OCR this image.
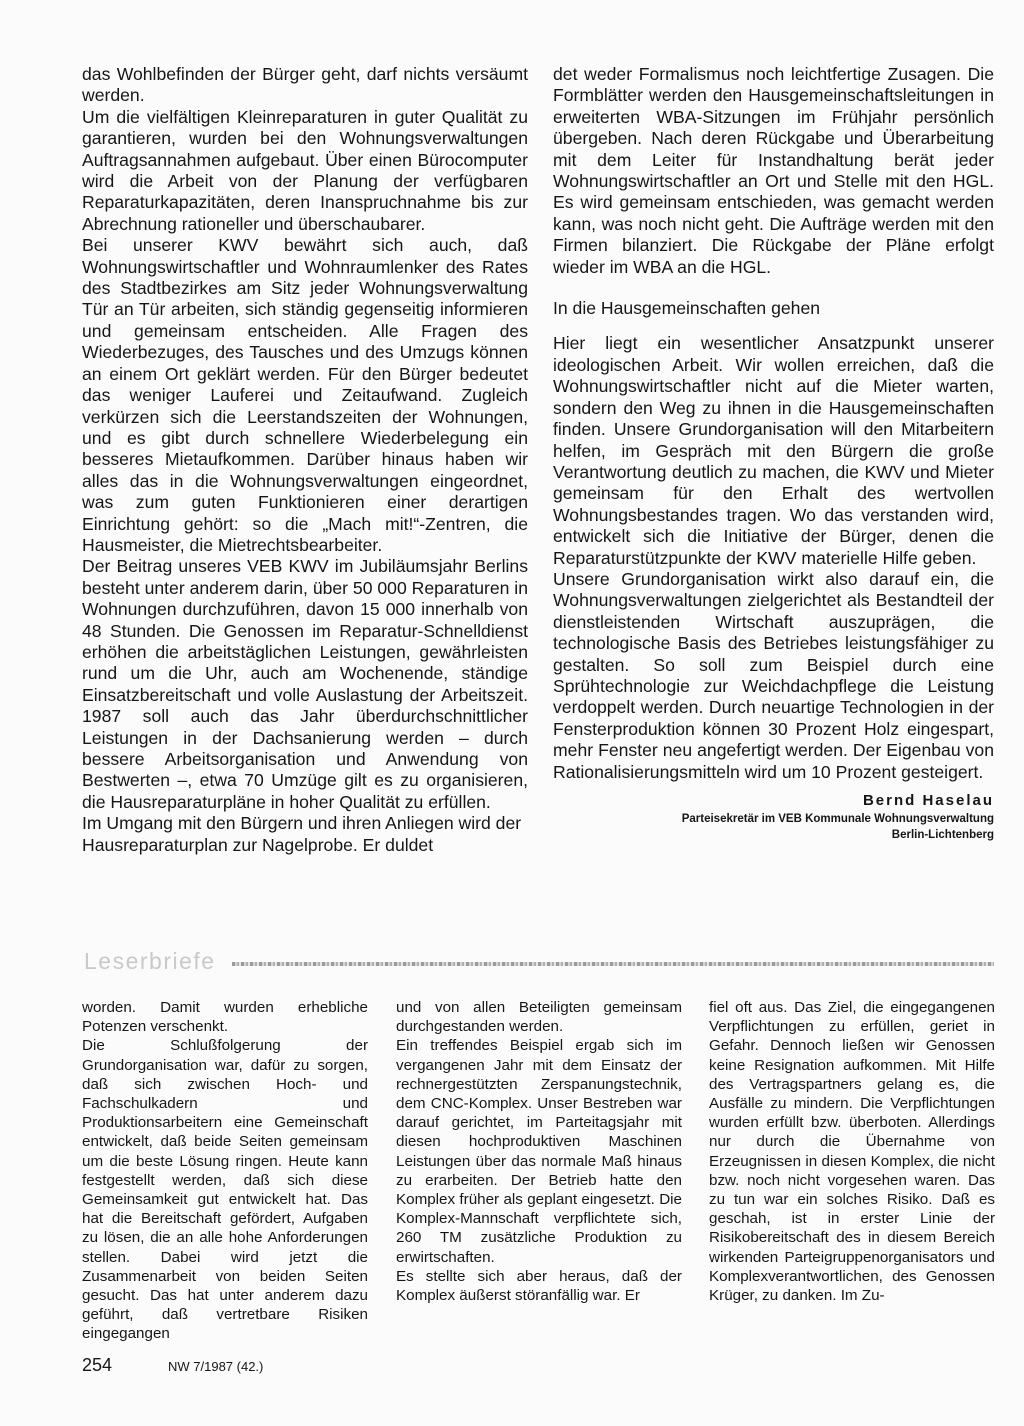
das Wohlbefinden der Bürger geht, darf nichts versäumt werden.

Um die vielfältigen Kleinreparaturen in guter Qualität zu garantieren, wurden bei den Wohnungsverwaltungen Auftragsannahmen aufgebaut. Über einen Bürocomputer wird die Arbeit von der Planung der verfügbaren Reparaturkapazitäten, deren Inanspruchnahme bis zur Abrechnung rationeller und überschaubarer.

Bei unserer KWV bewährt sich auch, daß Wohnungswirtschaftler und Wohnraumlenker des Rates des Stadtbezirkes am Sitz jeder Wohnungsverwaltung Tür an Tür arbeiten, sich ständig gegenseitig informieren und gemeinsam entscheiden. Alle Fragen des Wiederbezuges, des Tausches und des Umzugs können an einem Ort geklärt werden. Für den Bürger bedeutet das weniger Lauferei und Zeitaufwand. Zugleich verkürzen sich die Leerstandszeiten der Wohnungen, und es gibt durch schnellere Wiederbelegung ein besseres Mietaufkommen. Darüber hinaus haben wir alles das in die Wohnungsverwaltungen eingeordnet, was zum guten Funktionieren einer derartigen Einrichtung gehört: so die „Mach mit!“-Zentren, die Hausmeister, die Mietrechtsbearbeiter.

Der Beitrag unseres VEB KWV im Jubiläumsjahr Berlins besteht unter anderem darin, über 50 000 Reparaturen in Wohnungen durchzuführen, davon 15 000 innerhalb von 48 Stunden. Die Genossen im Reparatur-Schnelldienst erhöhen die arbeitstäglichen Leistungen, gewährleisten rund um die Uhr, auch am Wochenende, ständige Einsatzbereitschaft und volle Auslastung der Arbeitszeit. 1987 soll auch das Jahr überdurchschnittlicher Leistungen in der Dachsanierung werden – durch bessere Arbeitsorganisation und Anwendung von Bestwerten –, etwa 70 Umzüge gilt es zu organisieren, die Hausreparaturpläne in hoher Qualität zu erfüllen.

Im Umgang mit den Bürgern und ihren Anliegen wird der Hausreparaturplan zur Nagelprobe. Er duldet

det weder Formalismus noch leichtfertige Zusagen. Die Formblätter werden den Hausgemeinschaftsleitungen in erweiterten WBA-Sitzungen im Frühjahr persönlich übergeben. Nach deren Rückgabe und Überarbeitung mit dem Leiter für Instandhaltung berät jeder Wohnungswirtschaftler an Ort und Stelle mit den HGL. Es wird gemeinsam entschieden, was gemacht werden kann, was noch nicht geht. Die Aufträge werden mit den Firmen bilanziert. Die Rückgabe der Pläne erfolgt wieder im WBA an die HGL.

In die Hausgemeinschaften gehen

Hier liegt ein wesentlicher Ansatzpunkt unserer ideologischen Arbeit. Wir wollen erreichen, daß die Wohnungswirtschaftler nicht auf die Mieter warten, sondern den Weg zu ihnen in die Hausgemeinschaften finden. Unsere Grundorganisation will den Mitarbeitern helfen, im Gespräch mit den Bürgern die große Verantwortung deutlich zu machen, die KWV und Mieter gemeinsam für den Erhalt des wertvollen Wohnungsbestandes tragen. Wo das verstanden wird, entwickelt sich die Initiative der Bürger, denen die Reparaturstützpunkte der KWV materielle Hilfe geben.

Unsere Grundorganisation wirkt also darauf ein, die Wohnungsverwaltungen zielgerichtet als Bestandteil der dienstleistenden Wirtschaft auszuprägen, die technologische Basis des Betriebes leistungsfähiger zu gestalten. So soll zum Beispiel durch eine Sprühtechnologie zur Weichdachpflege die Leistung verdoppelt werden. Durch neuartige Technologien in der Fensterproduktion können 30 Prozent Holz eingespart, mehr Fenster neu angefertigt werden. Der Eigenbau von Rationalisierungsmitteln wird um 10 Prozent gesteigert.

Bernd Haselau

Parteisekretär im VEB Kommunale Wohnungsverwaltung

Berlin-Lichtenberg

Leserbriefe

worden. Damit wurden erhebliche Potenzen verschenkt.

Die Schlußfolgerung der Grundorganisation war, dafür zu sorgen, daß sich zwischen Hoch- und Fachschulkadern und Produktionsarbeitern eine Gemeinschaft entwickelt, daß beide Seiten gemeinsam um die beste Lösung ringen. Heute kann festgestellt werden, daß sich diese Gemeinsamkeit gut entwickelt hat. Das hat die Bereitschaft gefördert, Aufgaben zu lösen, die an alle hohe Anforderungen stellen. Dabei wird jetzt die Zusammenarbeit von beiden Seiten gesucht. Das hat unter anderem dazu geführt, daß vertretbare Risiken eingegangen

und von allen Beteiligten gemeinsam durchgestanden werden.

Ein treffendes Beispiel ergab sich im vergangenen Jahr mit dem Einsatz der rechnergestützten Zerspanungstechnik, dem CNC-Komplex. Unser Bestreben war darauf gerichtet, im Parteitagsjahr mit diesen hochproduktiven Maschinen Leistungen über das normale Maß hinaus zu erarbeiten. Der Betrieb hatte den Komplex früher als geplant eingesetzt. Die Komplex-Mannschaft verpflichtete sich, 260 TM zusätzliche Produktion zu erwirtschaften.

Es stellte sich aber heraus, daß der Komplex äußerst störanfällig war. Er

fiel oft aus. Das Ziel, die eingegangenen Verpflichtungen zu erfüllen, geriet in Gefahr. Dennoch ließen wir Genossen keine Resignation aufkommen. Mit Hilfe des Vertragspartners gelang es, die Ausfälle zu mindern. Die Verpflichtungen wurden erfüllt bzw. überboten. Allerdings nur durch die Übernahme von Erzeugnissen in diesen Komplex, die nicht bzw. noch nicht vorgesehen waren. Das zu tun war ein solches Risiko. Daß es geschah, ist in erster Linie der Risikobereitschaft des in diesem Bereich wirkenden Parteigruppenorganisators und Komplexverantwortlichen, des Genossen Krüger, zu danken. Im Zu-

254	NW 7/1987 (42.)
